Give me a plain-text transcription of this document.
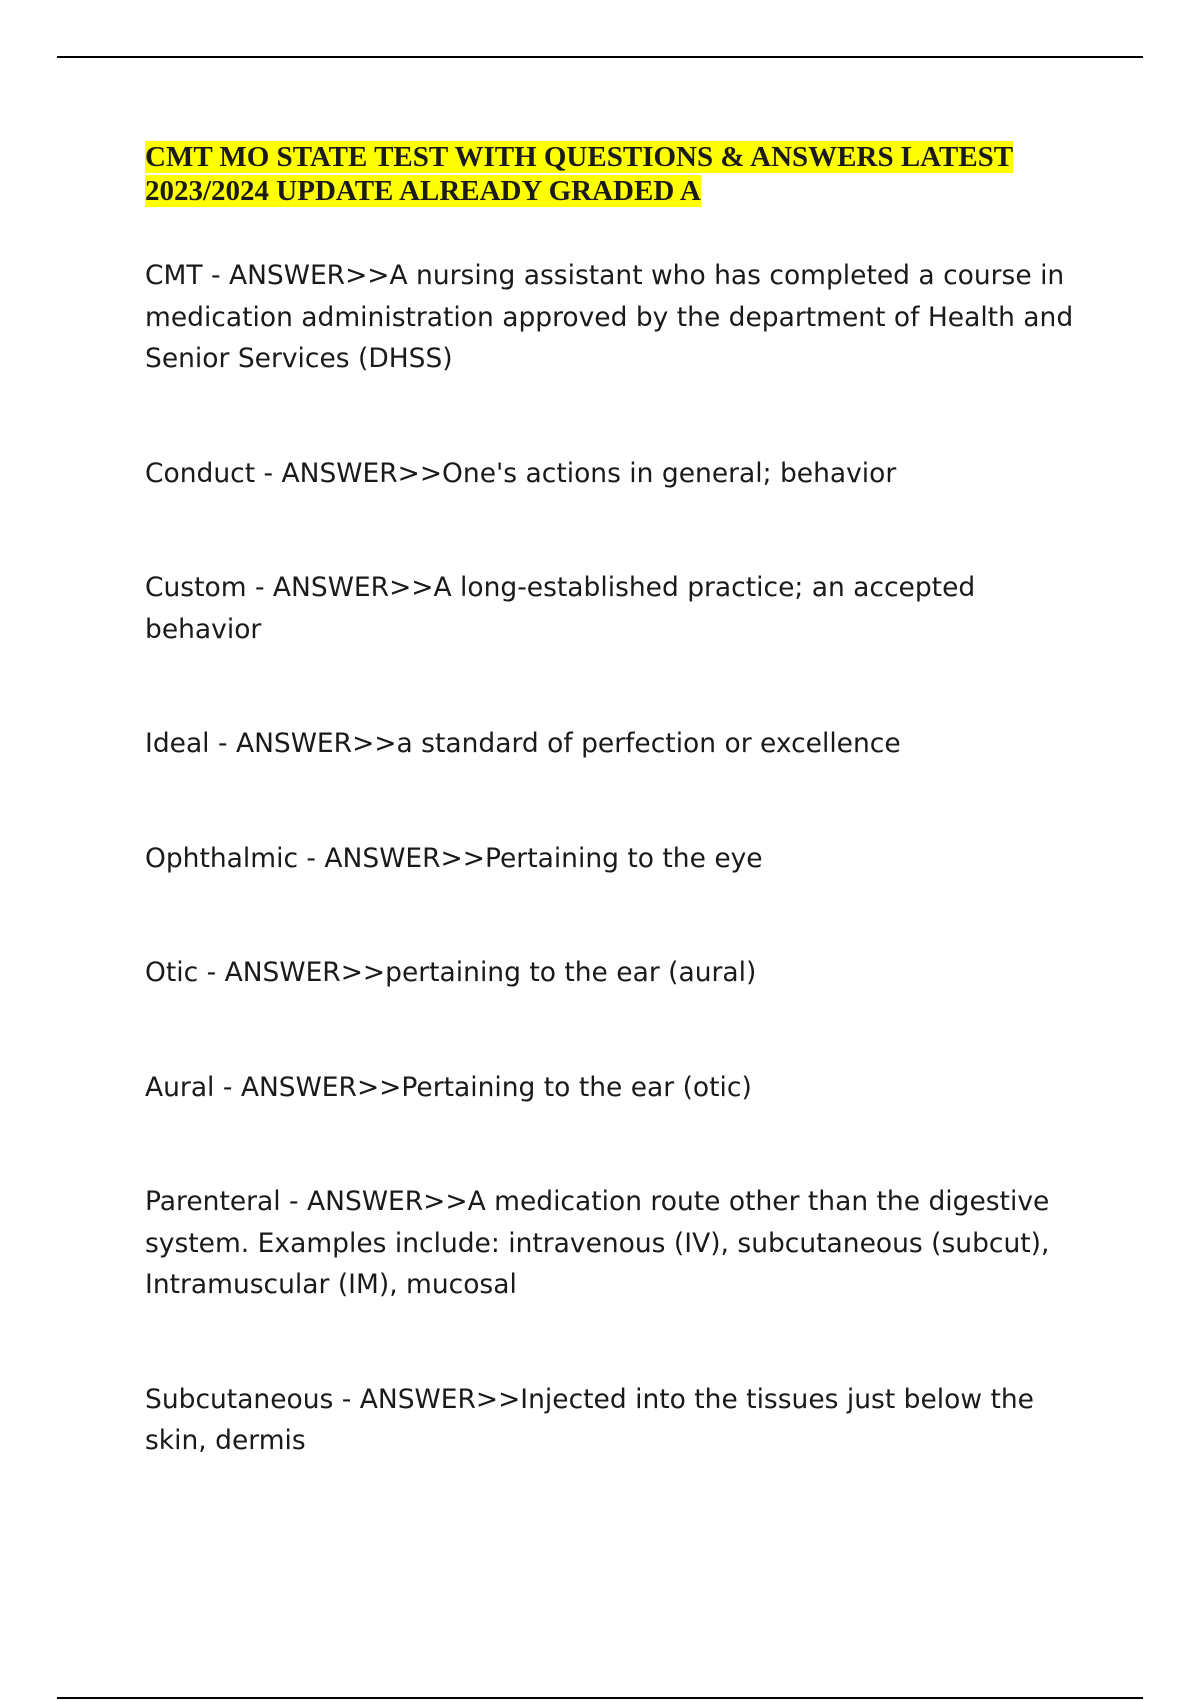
CMT MO STATE TEST WITH QUESTIONS & ANSWERS LATEST
2023/2024 UPDATE ALREADY GRADED A
CMT - ANSWER>>A nursing assistant who has completed a course in medication administration approved by the department of Health and Senior Services (DHSS)
Conduct - ANSWER>>One's actions in general; behavior
Custom - ANSWER>>A long-established practice; an accepted behavior
Ideal - ANSWER>>a standard of perfection or excellence
Ophthalmic - ANSWER>>Pertaining to the eye
Otic - ANSWER>>pertaining to the ear (aural)
Aural - ANSWER>>Pertaining to the ear (otic)
Parenteral - ANSWER>>A medication route other than the digestive system. Examples include: intravenous (IV), subcutaneous (subcut), Intramuscular (IM), mucosal
Subcutaneous - ANSWER>>Injected into the tissues just below the skin, dermis
